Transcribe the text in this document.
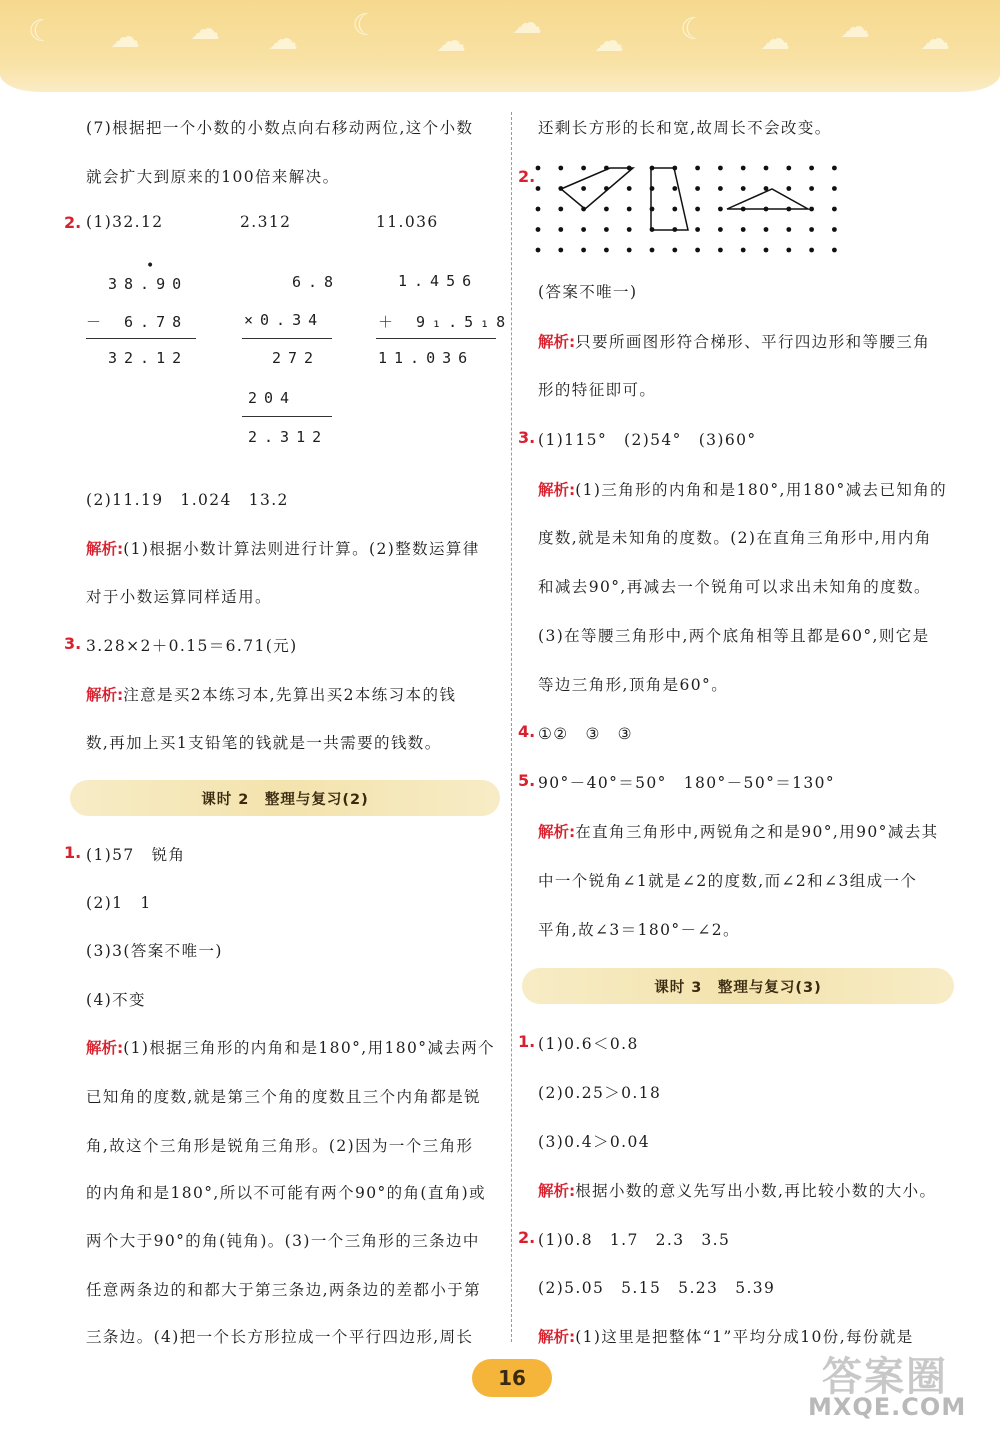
☾ ☁ ☁ ☁ ☾ ☁
☁
☁ ☾ ☁ ☁ ☁
(7)根据把一个小数的小数点向右移动两位,这个小数
就会扩大到原来的100倍来解决。
2. (1)32.12	2.312	11.036
38.90
•
－ 6.78
32.12
6.8
×0.34
272
204
2.312
1.456
＋ 9₁.5₁8
11.036
(2)11.19　1.024　13.2
解析:(1)根据小数计算法则进行计算。(2)整数运算律
对于小数运算同样适用。
3. 3.28×2＋0.15＝6.71(元)
解析:注意是买2本练习本,先算出买2本练习本的钱
数,再加上买1支铅笔的钱就是一共需要的钱数。
课时 2　整理与复习(2)
1. (1)57　锐角
(2)1　1
(3)3(答案不唯一)
(4)不变
解析:(1)根据三角形的内角和是180°,用180°减去两个
已知角的度数,就是第三个角的度数且三个内角都是锐
角,故这个三角形是锐角三角形。(2)因为一个三角形
的内角和是180°,所以不可能有两个90°的角(直角)或
两个大于90°的角(钝角)。(3)一个三角形的三条边中
任意两条边的和都大于第三条边,两条边的差都小于第
三条边。(4)把一个长方形拉成一个平行四边形,周长
还剩长方形的长和宽,故周长不会改变。
2.
(答案不唯一)
解析:只要所画图形符合梯形、平行四边形和等腰三角
形的特征即可。
3. (1)115°　(2)54°　(3)60°
解析:(1)三角形的内角和是180°,用180°减去已知角的
度数,就是未知角的度数。(2)在直角三角形中,用内角
和减去90°,再减去一个锐角可以求出未知角的度数。
(3)在等腰三角形中,两个底角相等且都是60°,则它是
等边三角形,顶角是60°。
4. ①②　③　③
5. 90°－40°＝50°　180°－50°＝130°
解析:在直角三角形中,两锐角之和是90°,用90°减去其
中一个锐角∠1就是∠2的度数,而∠2和∠3组成一个
平角,故∠3＝180°－∠2。
课时 3　整理与复习(3)
1. (1)0.6＜0.8
(2)0.25＞0.18
(3)0.4＞0.04
解析:根据小数的意义先写出小数,再比较小数的大小。
2. (1)0.8　1.7　2.3　3.5
(2)5.05　5.15　5.23　5.39
解析:(1)这里是把整体“1”平均分成10份,每份就是
16	答案圈
MXQE.COM
